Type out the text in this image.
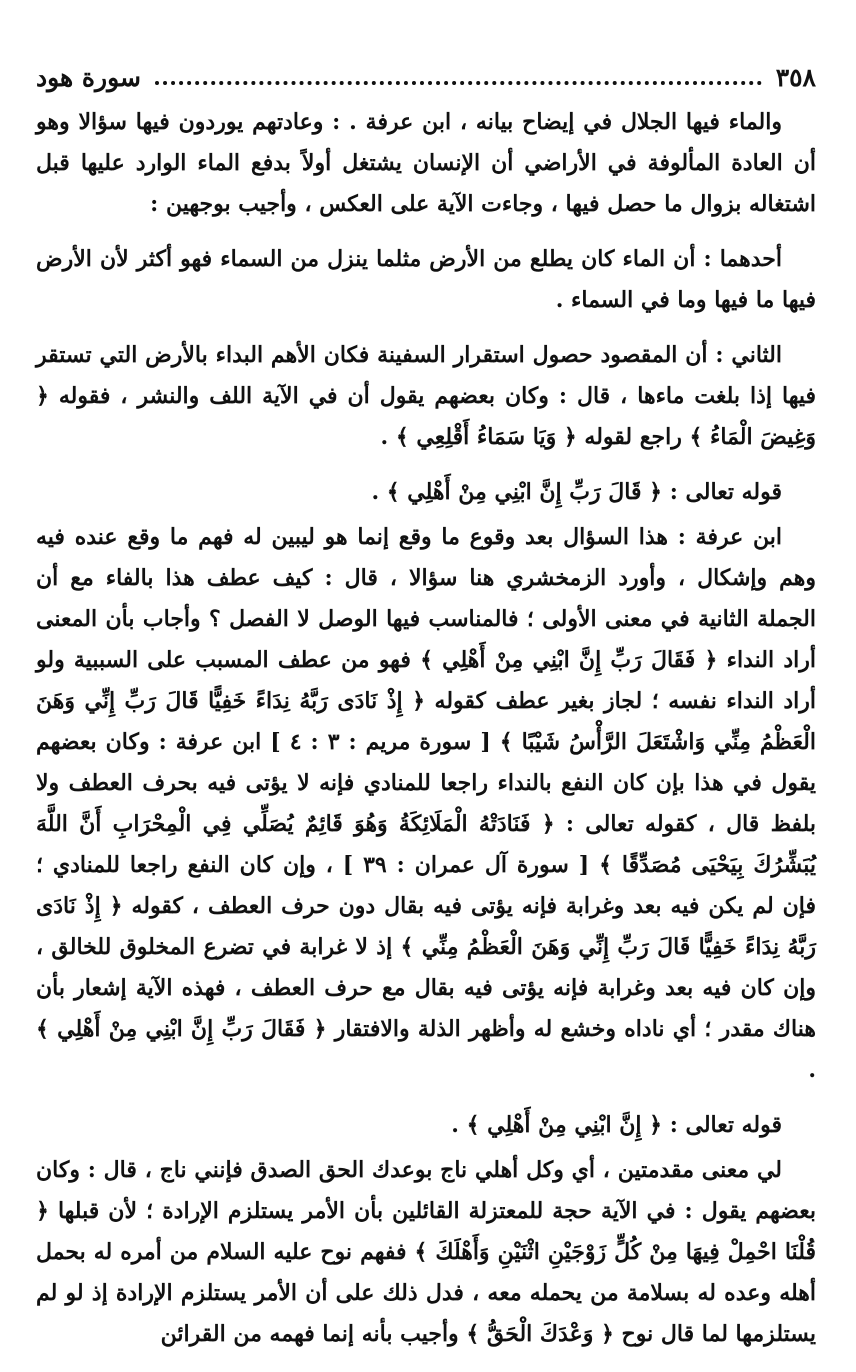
٣٥٨
سورة هود

والماء فيها الجلال في إيضاح بيانه ، ابن عرفة . : وعادتهم يوردون فيها سؤالا وهو أن العادة المألوفة في الأراضي أن الإنسان يشتغل أولاً بدفع الماء الوارد عليها قبل اشتغاله بزوال ما حصل فيها ، وجاءت الآية على العكس ، وأجيب بوجهين :

أحدهما : أن الماء كان يطلع من الأرض مثلما ينزل من السماء فهو أكثر لأن الأرض فيها ما فيها وما في السماء .

الثاني : أن المقصود حصول استقرار السفينة فكان الأهم البداء بالأرض التي تستقر فيها إذا بلغت ماءها ، قال : وكان بعضهم يقول أن في الآية اللف والنشر ، فقوله ﴿ وَغِيضَ الْمَاءُ ﴾ راجع لقوله ﴿ وَيَا سَمَاءُ أَقْلِعِي ﴾ .

قوله تعالى : ﴿ قَالَ رَبِّ إِنَّ ابْنِي مِنْ أَهْلِي ﴾ .

ابن عرفة : هذا السؤال بعد وقوع ما وقع إنما هو ليبين له فهم ما وقع عنده فيه وهم وإشكال ، وأورد الزمخشري هنا سؤالا ، قال : كيف عطف هذا بالفاء مع أن الجملة الثانية في معنى الأولى ؛ فالمناسب فيها الوصل لا الفصل ؟ وأجاب بأن المعنى أراد النداء ﴿ فَقَالَ رَبِّ إِنَّ ابْنِي مِنْ أَهْلِي ﴾ فهو من عطف المسبب على السببية ولو أراد النداء نفسه ؛ لجاز بغير عطف كقوله ﴿ إِذْ نَادَى رَبَّهُ نِدَاءً خَفِيًّا قَالَ رَبِّ إِنِّي وَهَنَ الْعَظْمُ مِنِّي وَاشْتَعَلَ الرَّأْسُ شَيْبًا ﴾ [ سورة مريم : ٣ : ٤ ] ابن عرفة : وكان بعضهم يقول في هذا بإن كان النفع بالنداء راجعا للمنادي فإنه لا يؤتى فيه بحرف العطف ولا بلفظ قال ، كقوله تعالى : ﴿ فَنَادَتْهُ الْمَلَائِكَةُ وَهُوَ قَائِمٌ يُصَلِّي فِي الْمِحْرَابِ أَنَّ اللَّهَ يُبَشِّرُكَ بِيَحْيَى مُصَدِّقًا ﴾ [ سورة آل عمران : ٣٩ ] ، وإن كان النفع راجعا للمنادي ؛ فإن لم يكن فيه بعد وغرابة فإنه يؤتى فيه بقال دون حرف العطف ، كقوله ﴿ إِذْ نَادَى رَبَّهُ نِدَاءً خَفِيًّا قَالَ رَبِّ إِنِّي وَهَنَ الْعَظْمُ مِنِّي ﴾ إذ لا غرابة في تضرع المخلوق للخالق ، وإن كان فيه بعد وغرابة فإنه يؤتى فيه بقال مع حرف العطف ، فهذه الآية إشعار بأن هناك مقدر ؛ أي ناداه وخشع له وأظهر الذلة والافتقار ﴿ فَقَالَ رَبِّ إِنَّ ابْنِي مِنْ أَهْلِي ﴾ .

قوله تعالى : ﴿ إِنَّ ابْنِي مِنْ أَهْلِي ﴾ .

لي معنى مقدمتين ، أي وكل أهلي ناج بوعدك الحق الصدق فإنني ناج ، قال : وكان بعضهم يقول : في الآية حجة للمعتزلة القائلين بأن الأمر يستلزم الإرادة ؛ لأن قبلها ﴿ قُلْنَا احْمِلْ فِيهَا مِنْ كُلٍّ زَوْجَيْنِ اثْنَيْنِ وَأَهْلَكَ ﴾ ففهم نوح عليه السلام من أمره له بحمل أهله وعده له بسلامة من يحمله معه ، فدل ذلك على أن الأمر يستلزم الإرادة إذ لو لم يستلزمها لما قال نوح ﴿ وَعْدَكَ الْحَقُّ ﴾ وأجيب بأنه إنما فهمه من القرائن
